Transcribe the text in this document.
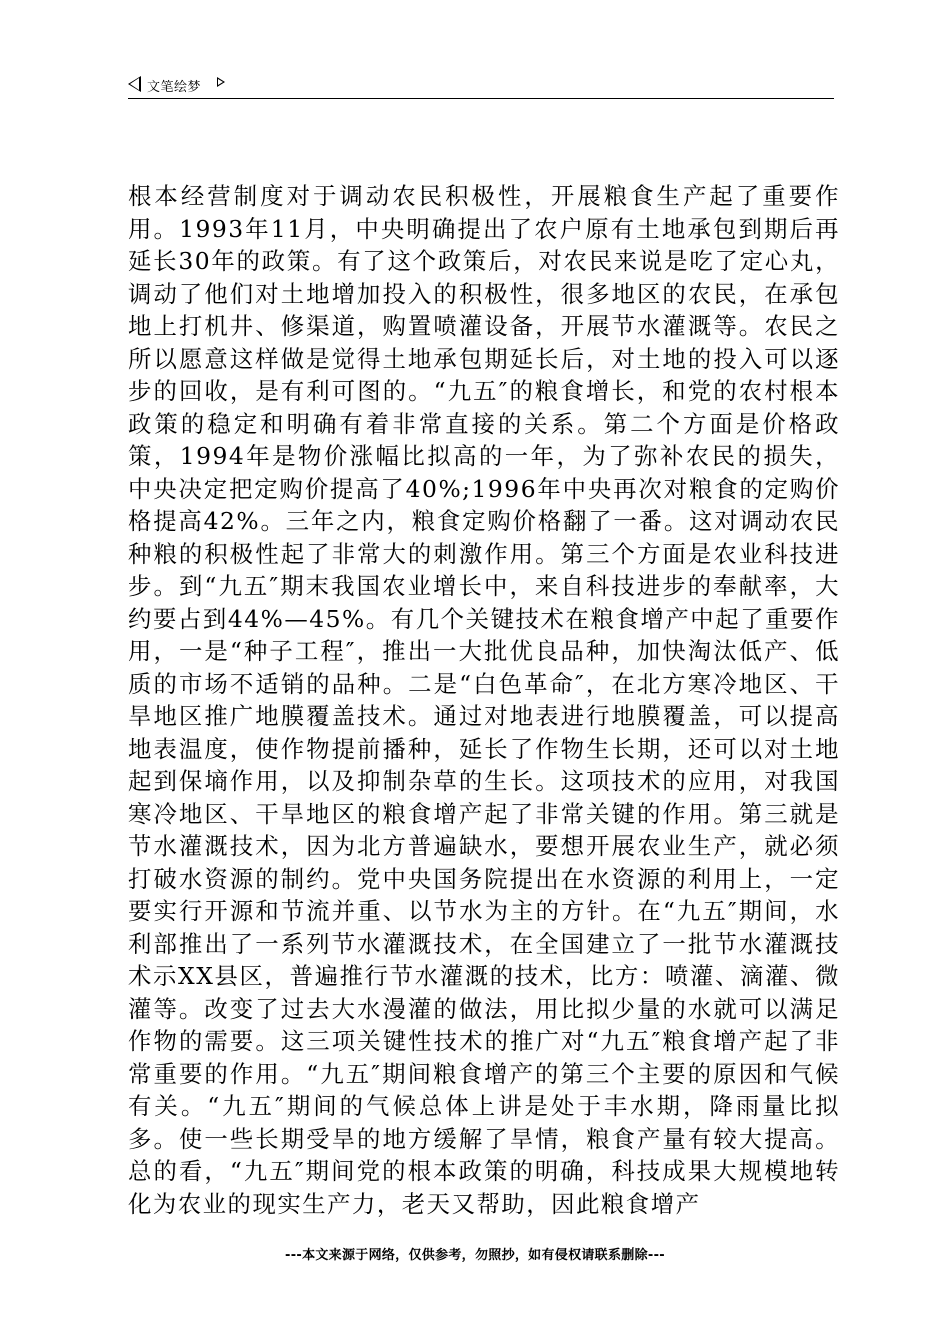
文笔绘梦

根本经营制度对于调动农民积极性，开展粮食生产起了重要作用。1993年11月，中央明确提出了农户原有土地承包到期后再延长30年的政策。有了这个政策后，对农民来说是吃了定心丸，调动了他们对土地增加投入的积极性，很多地区的农民，在承包地上打机井、修渠道，购置喷灌设备，开展节水灌溉等。农民之所以愿意这样做是觉得土地承包期延长后，对土地的投入可以逐步的回收，是有利可图的。“九五″的粮食增长，和党的农村根本政策的稳定和明确有着非常直接的关系。第二个方面是价格政策，1994年是物价涨幅比拟高的一年，为了弥补农民的损失，中央决定把定购价提高了40%;1996年中央再次对粮食的定购价格提高42%。三年之内，粮食定购价格翻了一番。这对调动农民种粮的积极性起了非常大的刺激作用。第三个方面是农业科技进步。到“九五″期末我国农业增长中，来自科技进步的奉献率，大约要占到44%—45%。有几个关键技术在粮食增产中起了重要作用，一是“种子工程″，推出一大批优良品种，加快淘汰低产、低质的市场不适销的品种。二是“白色革命″，在北方寒冷地区、干旱地区推广地膜覆盖技术。通过对地表进行地膜覆盖，可以提高地表温度，使作物提前播种，延长了作物生长期，还可以对土地起到保墒作用，以及抑制杂草的生长。这项技术的应用，对我国寒冷地区、干旱地区的粮食增产起了非常关键的作用。第三就是节水灌溉技术，因为北方普遍缺水，要想开展农业生产，就必须打破水资源的制约。党中央国务院提出在水资源的利用上，一定要实行开源和节流并重、以节水为主的方针。在“九五″期间，水利部推出了一系列节水灌溉技术，在全国建立了一批节水灌溉技术示XX县区，普遍推行节水灌溉的技术，比方：喷灌、滴灌、微灌等。改变了过去大水漫灌的做法，用比拟少量的水就可以满足作物的需要。这三项关键性技术的推广对“九五″粮食增产起了非常重要的作用。“九五″期间粮食增产的第三个主要的原因和气候有关。“九五″期间的气候总体上讲是处于丰水期，降雨量比拟多。使一些长期受旱的地方缓解了旱情，粮食产量有较大提高。总的看，“九五″期间党的根本政策的明确，科技成果大规模地转化为农业的现实生产力，老天又帮助，因此粮食增产

---本文来源于网络，仅供参考，勿照抄，如有侵权请联系删除---
